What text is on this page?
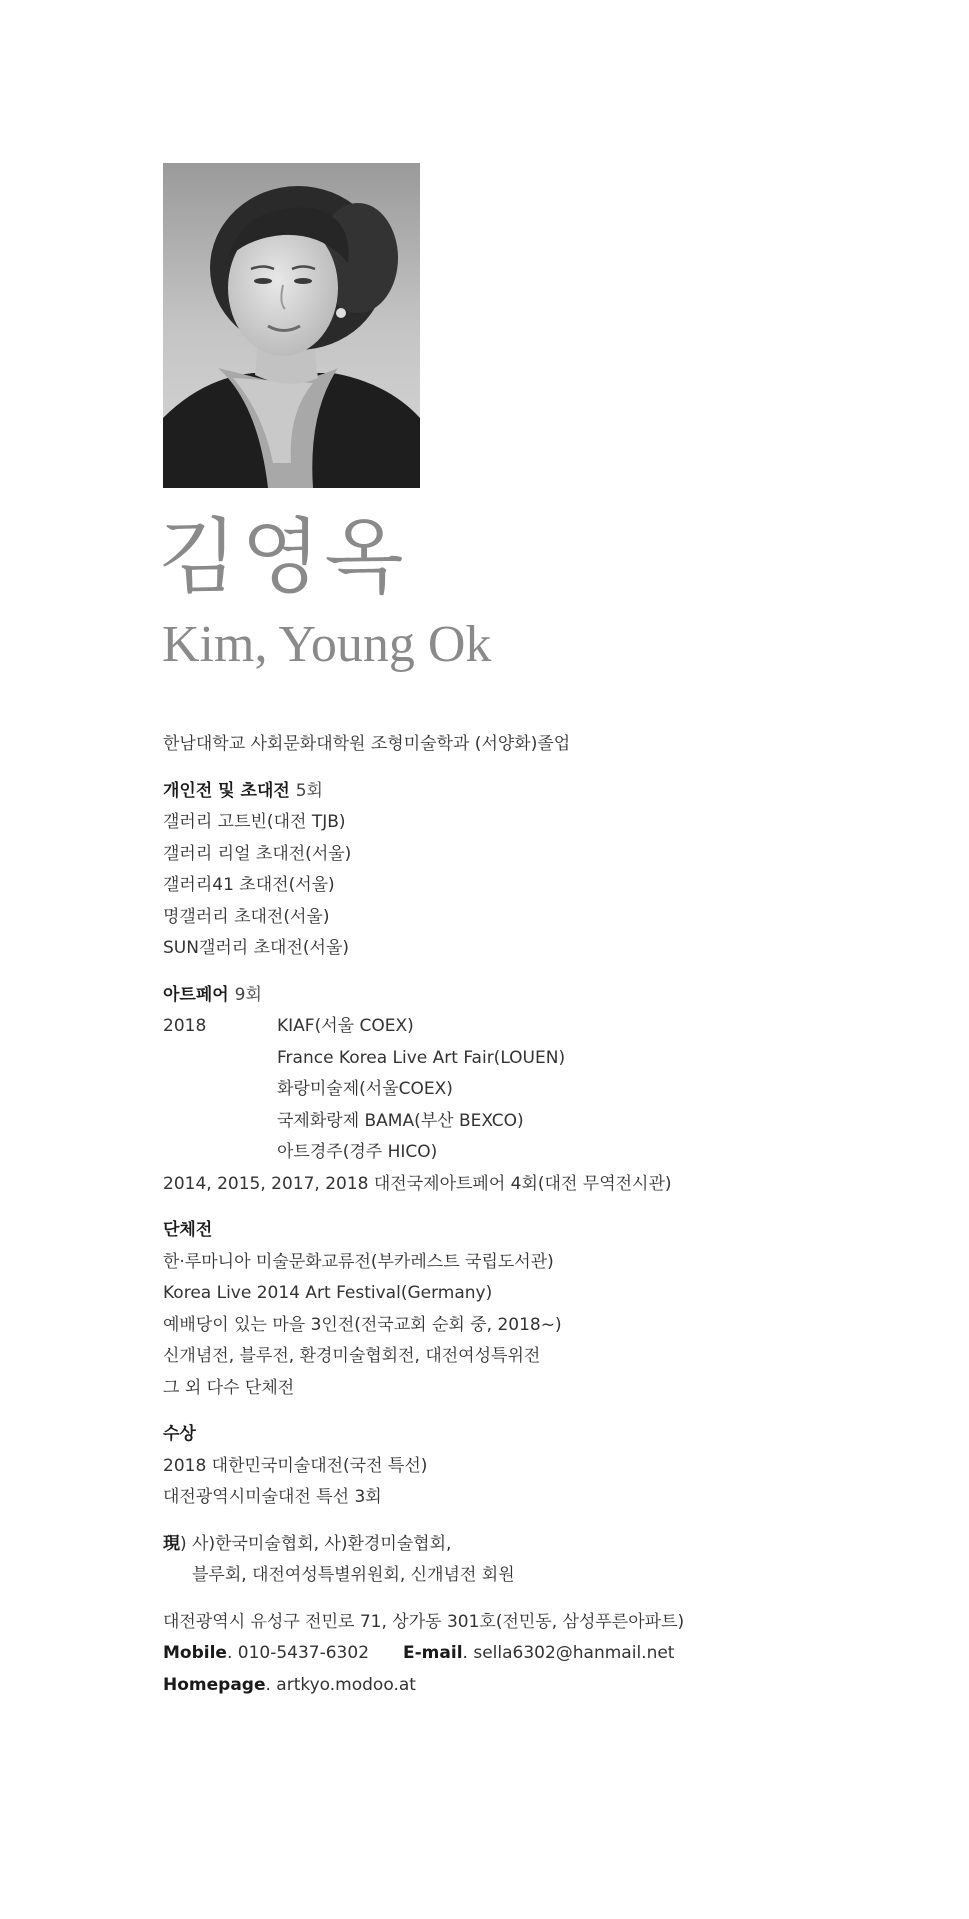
김영옥
Kim, Young Ok
한남대학교 사회문화대학원 조형미술학과 (서양화)졸업
개인전 및 초대전 5회
갤러리 고트빈(대전 TJB)
갤러리 리얼 초대전(서울)
갤러리41 초대전(서울)
명갤러리 초대전(서울)
SUN갤러리 초대전(서울)
아트페어 9회
2018	KIAF(서울 COEX)
France Korea Live Art Fair(LOUEN)
화랑미술제(서울COEX)
국제화랑제 BAMA(부산 BEXCO)
아트경주(경주 HICO)
2014, 2015, 2017, 2018 대전국제아트페어 4회(대전 무역전시관)
단체전
한·루마니아 미술문화교류전(부카레스트 국립도서관)
Korea Live 2014 Art Festival(Germany)
예배당이 있는 마을 3인전(전국교회 순회 중, 2018~)
신개념전, 블루전, 환경미술협회전, 대전여성특위전
그 외 다수 단체전
수상
2018 대한민국미술대전(국전 특선)
대전광역시미술대전 특선 3회
現) 사)한국미술협회, 사)환경미술협회,
블루회, 대전여성특별위원회, 신개념전 회원
대전광역시 유성구 전민로 71, 상가동 301호(전민동, 삼성푸른아파트)
Mobile. 010-5437-6302 E-mail. sella6302@hanmail.net
Homepage. artkyo.modoo.at
